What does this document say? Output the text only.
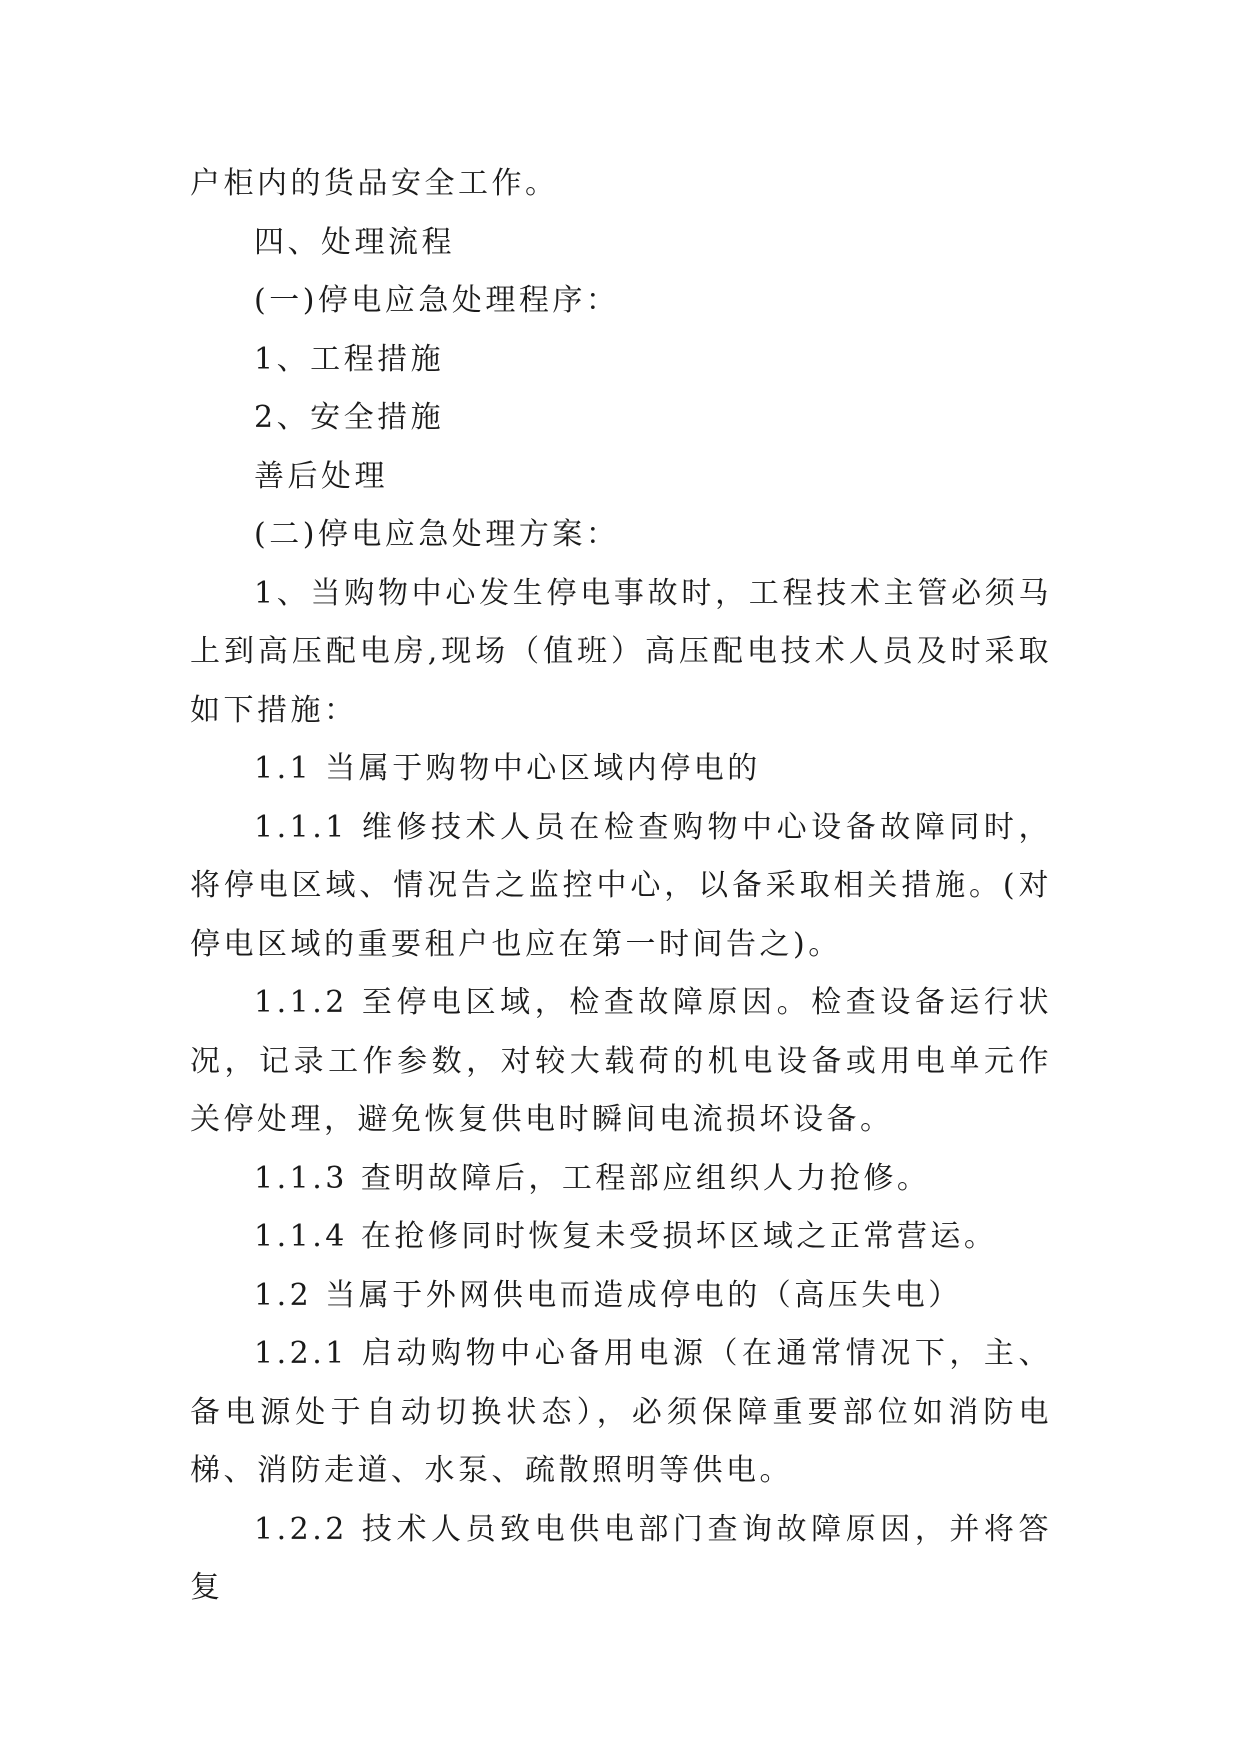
户柜内的货品安全工作。

四、处理流程

(一)停电应急处理程序：

1、工程措施

2、安全措施

善后处理

(二)停电应急处理方案：

1、当购物中心发生停电事故时，工程技术主管必须马上到高压配电房,现场（值班）高压配电技术人员及时采取如下措施：

1.1 当属于购物中心区域内停电的

1.1.1 维修技术人员在检查购物中心设备故障同时，将停电区域、情况告之监控中心，以备采取相关措施。(对停电区域的重要租户也应在第一时间告之)。

1.1.2 至停电区域，检查故障原因。检查设备运行状况，记录工作参数，对较大载荷的机电设备或用电单元作关停处理，避免恢复供电时瞬间电流损坏设备。

1.1.3 查明故障后，工程部应组织人力抢修。

1.1.4 在抢修同时恢复未受损坏区域之正常营运。

1.2 当属于外网供电而造成停电的（高压失电）

1.2.1 启动购物中心备用电源（在通常情况下，主、备电源处于自动切换状态），必须保障重要部位如消防电梯、消防走道、水泵、疏散照明等供电。

1.2.2 技术人员致电供电部门查询故障原因，并将答复
